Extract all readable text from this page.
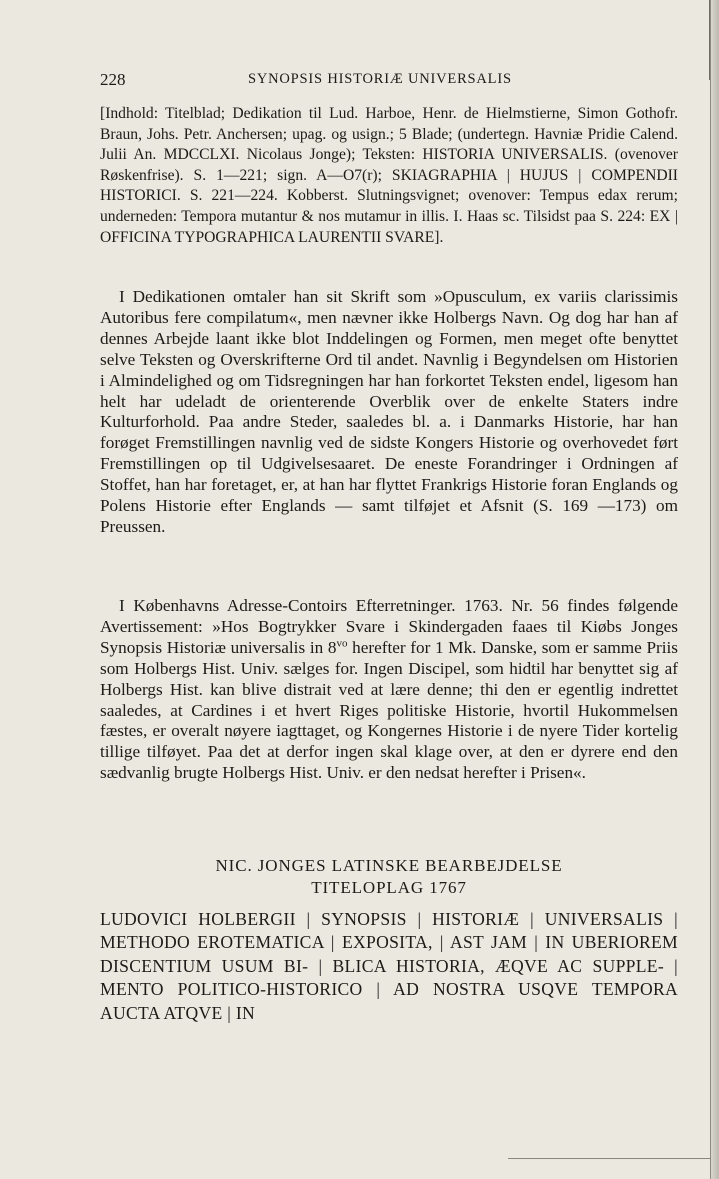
228	SYNOPSIS HISTORIÆ UNIVERSALIS
[Indhold: Titelblad; Dedikation til Lud. Harboe, Henr. de Hielmstierne, Simon Gothofr. Braun, Johs. Petr. Anchersen; upag. og usign.; 5 Blade; (undertegn. Havniæ Pridie Calend. Julii An. MDCCLXI. Nicolaus Jonge); Teksten: HISTORIA UNIVERSALIS. (ovenover Røskenfrise). S. 1—221; sign. A—O7(r); SKIAGRAPHIA | HUJUS | COMPENDII HISTORICI. S. 221—224. Kobberst. Slutningsvignet; ovenover: Tempus edax rerum; underneden: Tempora mutantur & nos mutamur in illis. I. Haas sc. Tilsidst paa S. 224: EX | OFFICINA TYPOGRAPHICA LAURENTII SVARE].
I Dedikationen omtaler han sit Skrift som »Opusculum, ex variis clarissimis Autoribus fere compilatum«, men nævner ikke Holbergs Navn. Og dog har han af dennes Arbejde laant ikke blot Inddelingen og Formen, men meget ofte benyttet selve Teksten og Overskrifterne Ord til andet. Navnlig i Begyndelsen om Historien i Almindelighed og om Tidsregningen har han forkortet Teksten endel, ligesom han helt har udeladt de orienterende Overblik over de enkelte Staters indre Kulturforhold. Paa andre Steder, saaledes bl. a. i Danmarks Historie, har han forøget Fremstillingen navnlig ved de sidste Kongers Historie og overhovedet ført Fremstillingen op til Udgivelsesaaret. De eneste Forandringer i Ordningen af Stoffet, han har foretaget, er, at han har flyttet Frankrigs Historie foran Englands og Polens Historie efter Englands — samt tilføjet et Afsnit (S. 169 —173) om Preussen.
I Københavns Adresse-Contoirs Efterretninger. 1763. Nr. 56 findes følgende Avertissement: »Hos Bogtrykker Svare i Skindergaden faaes til Kiøbs Jonges Synopsis Historiæ universalis in $8^{vo}$ herefter for 1 Mk. Danske, som er samme Priis som Holbergs Hist. Univ. sælges for. Ingen Discipel, som hidtil har benyttet sig af Holbergs Hist. kan blive distrait ved at lære denne; thi den er egentlig indrettet saaledes, at Cardines i et hvert Riges politiske Historie, hvortil Hukommelsen fæstes, er overalt nøyere iagttaget, og Kongernes Historie i de nyere Tider kortelig tillige tilføyet. Paa det at derfor ingen skal klage over, at den er dyrere end den sædvanlig brugte Holbergs Hist. Univ. er den nedsat herefter i Prisen«.
NIC. JONGES LATINSKE BEARBEJDELSE
TITELOPLAG 1767
LUDOVICI HOLBERGII | SYNOPSIS | HISTORIÆ | UNIVERSALIS | METHODO EROTEMATICA | EXPOSITA, | AST JAM | IN UBERIOREM DISCENTIUM USUM BI- | BLICA HISTORIA, ÆQVE AC SUPPLE- | MENTO POLITICO-HISTORICO | AD NOSTRA USQVE TEMPORA AUCTA ATQVE | IN
